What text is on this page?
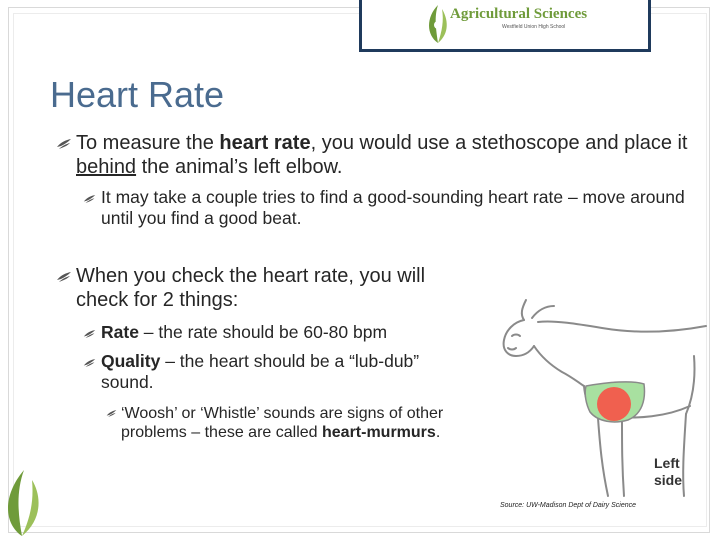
Agricultural Sciences
Westfield Union High School
Heart Rate
To measure the heart rate, you would use a stethoscope and place it behind the animal’s left elbow.
It may take a couple tries to find a good-sounding heart rate – move around until you find a good beat.
When you check the heart rate, you will check for 2 things:
Rate – the rate should be 60-80 bpm
Quality – the heart should be a “lub-dub” sound.
‘Woosh’ or ‘Whistle’ sounds are signs of other problems – these are called heart-murmurs.
Left
side
Source: UW-Madison Dept of Dairy Science
